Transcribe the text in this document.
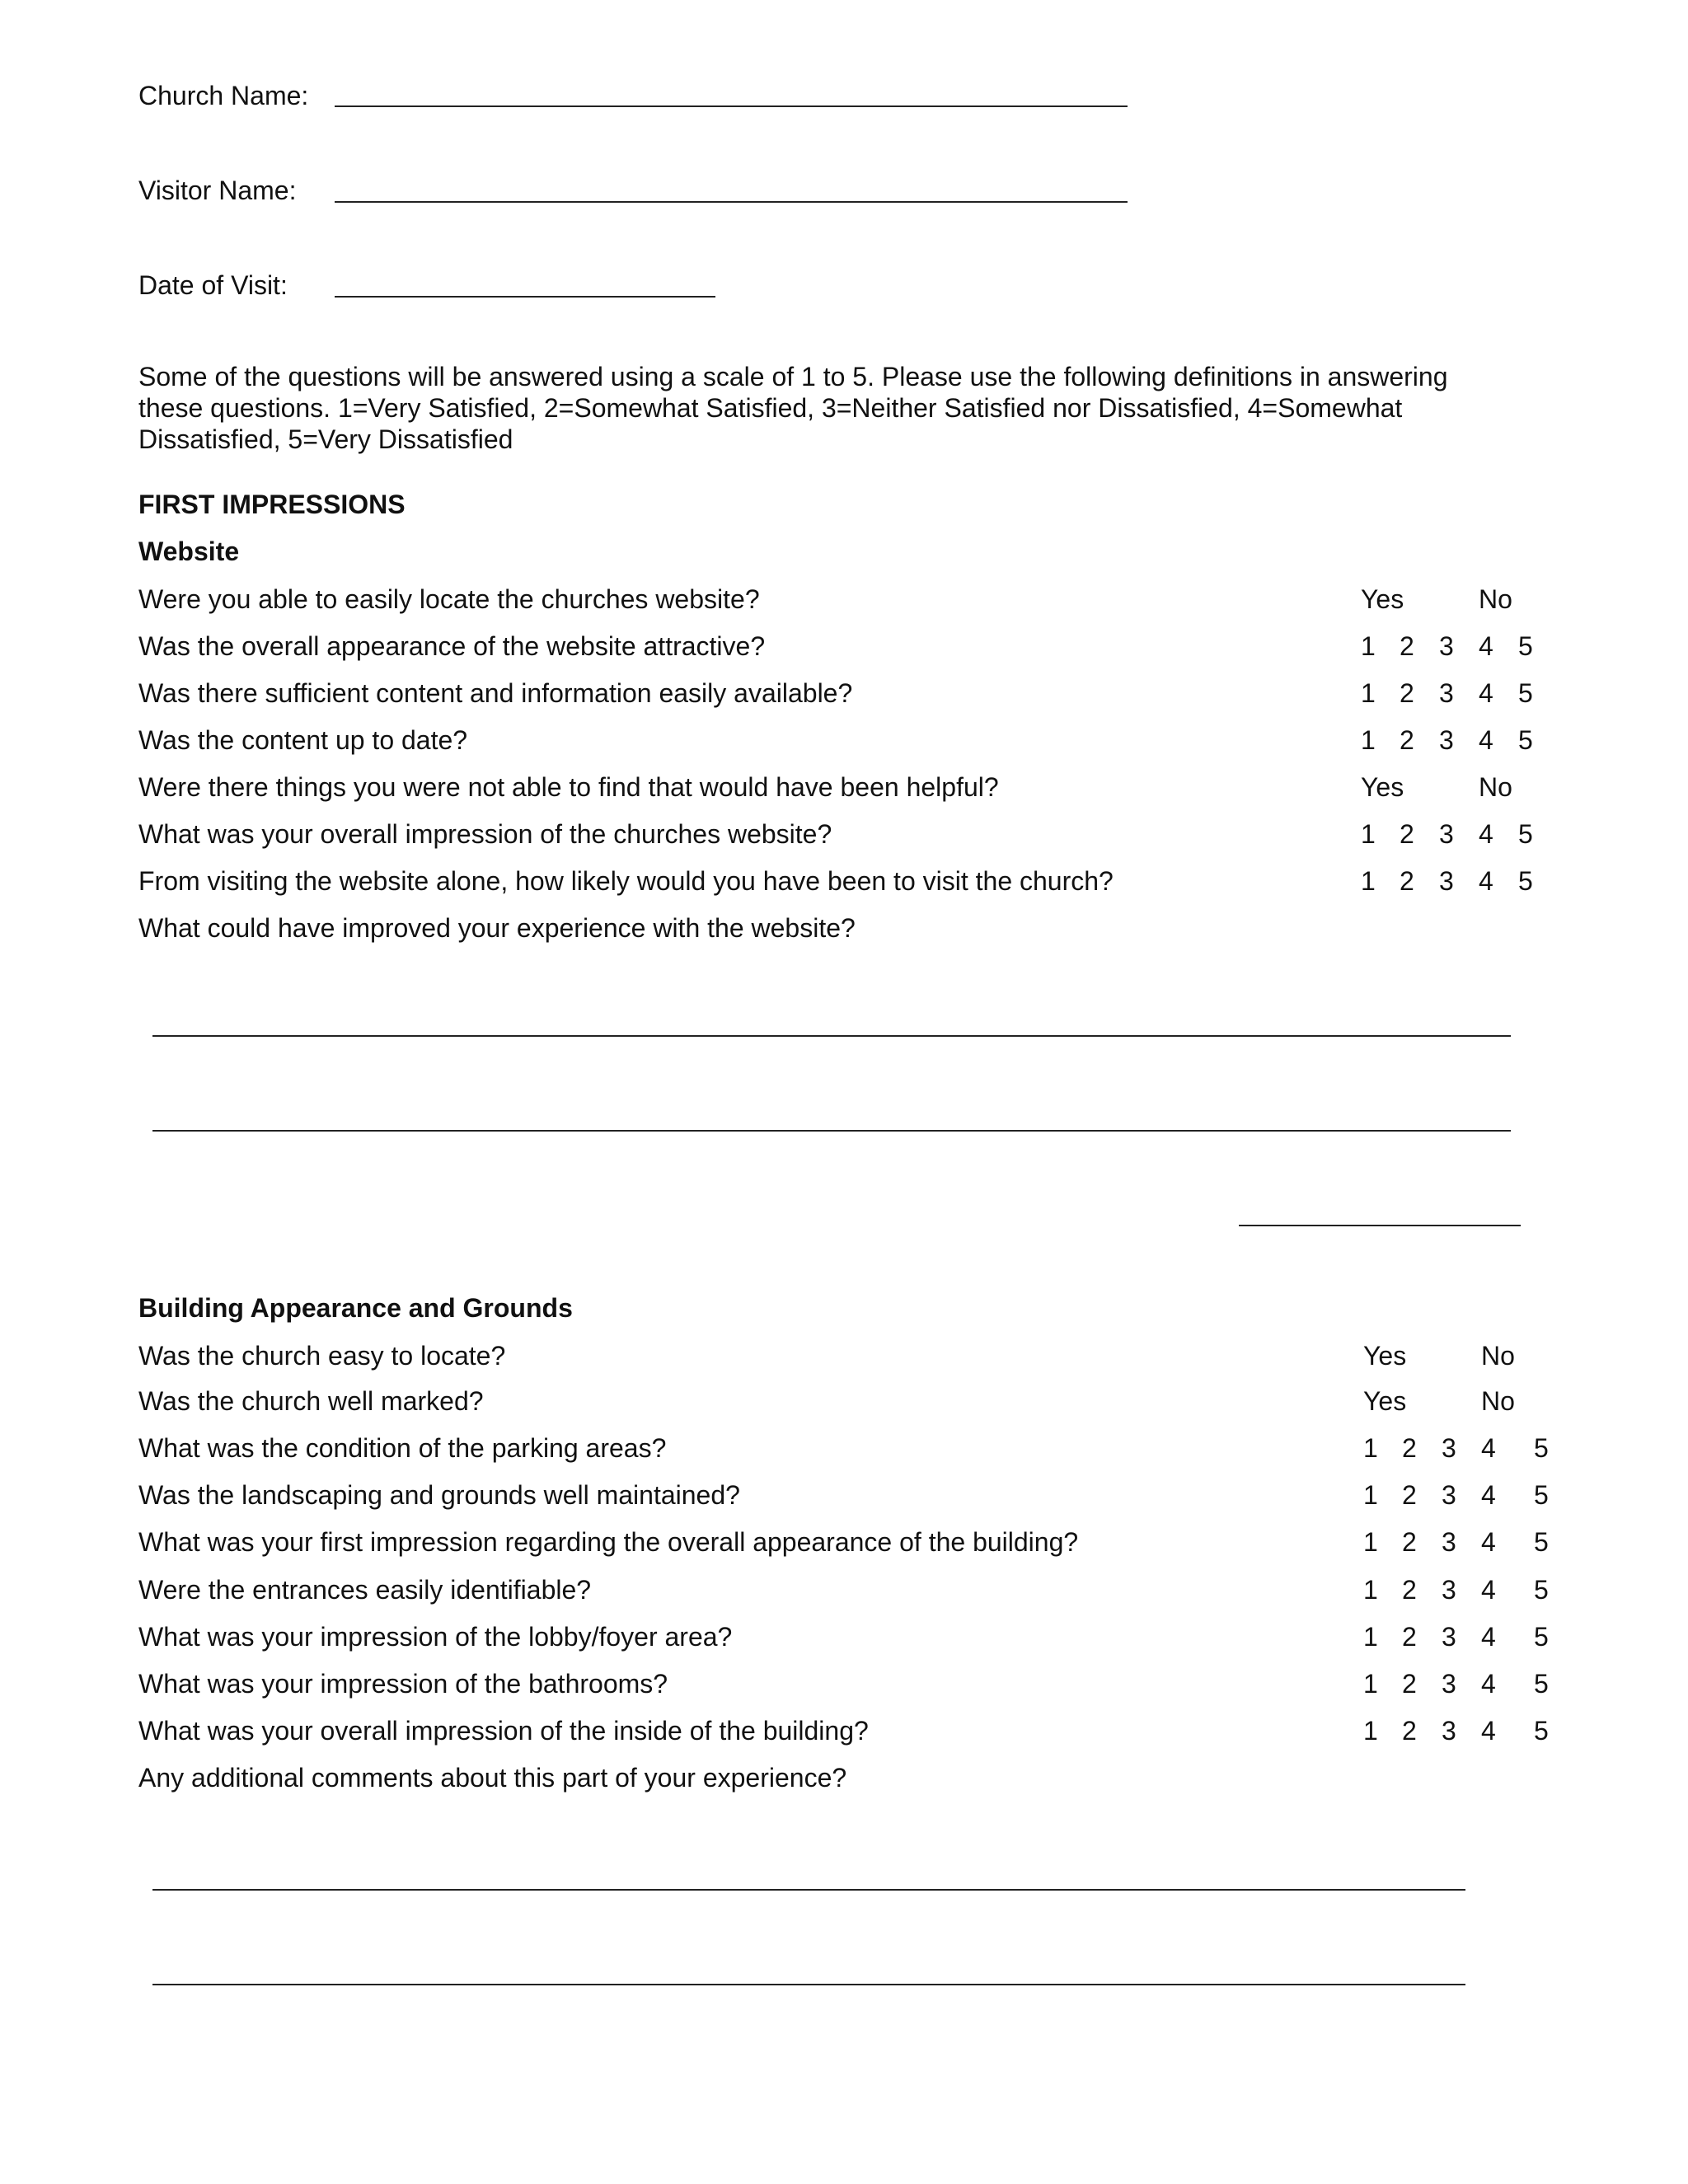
Church Name:
Visitor Name:
Date of Visit:
Some of the questions will be answered using a scale of 1 to 5. Please use the following definitions in answering these questions. 1=Very Satisfied, 2=Somewhat Satisfied, 3=Neither Satisfied nor Dissatisfied, 4=Somewhat Dissatisfied, 5=Very Dissatisfied
FIRST IMPRESSIONS
Website
Were you able to easily locate the churches website?	Yes	No
Was the overall appearance of the website attractive?	1 2 3 4 5
Was there sufficient content and information easily available?	1 2 3 4 5
Was the content up to date?	1 2 3 4 5
Were there things you were not able to find that would have been helpful?	Yes	No
What was your overall impression of the churches website?	1 2 3 4 5
From visiting the website alone, how likely would you have been to visit the church?	1 2 3 4 5
What could have improved your experience with the website?
Building Appearance and Grounds
Was the church easy to locate?	Yes	No
Was the church well marked?	Yes	No
What was the condition of the parking areas?	1 2 3 4 5
Was the landscaping and grounds well maintained?	1 2 3 4 5
What was your first impression regarding the overall appearance of the building?	1 2 3 4 5
Were the entrances easily identifiable?	1 2 3 4 5
What was your impression of the lobby/foyer area?	1 2 3 4 5
What was your impression of the bathrooms?	1 2 3 4 5
What was your overall impression of the inside of the building?	1 2 3 4 5
Any additional comments about this part of your experience?
